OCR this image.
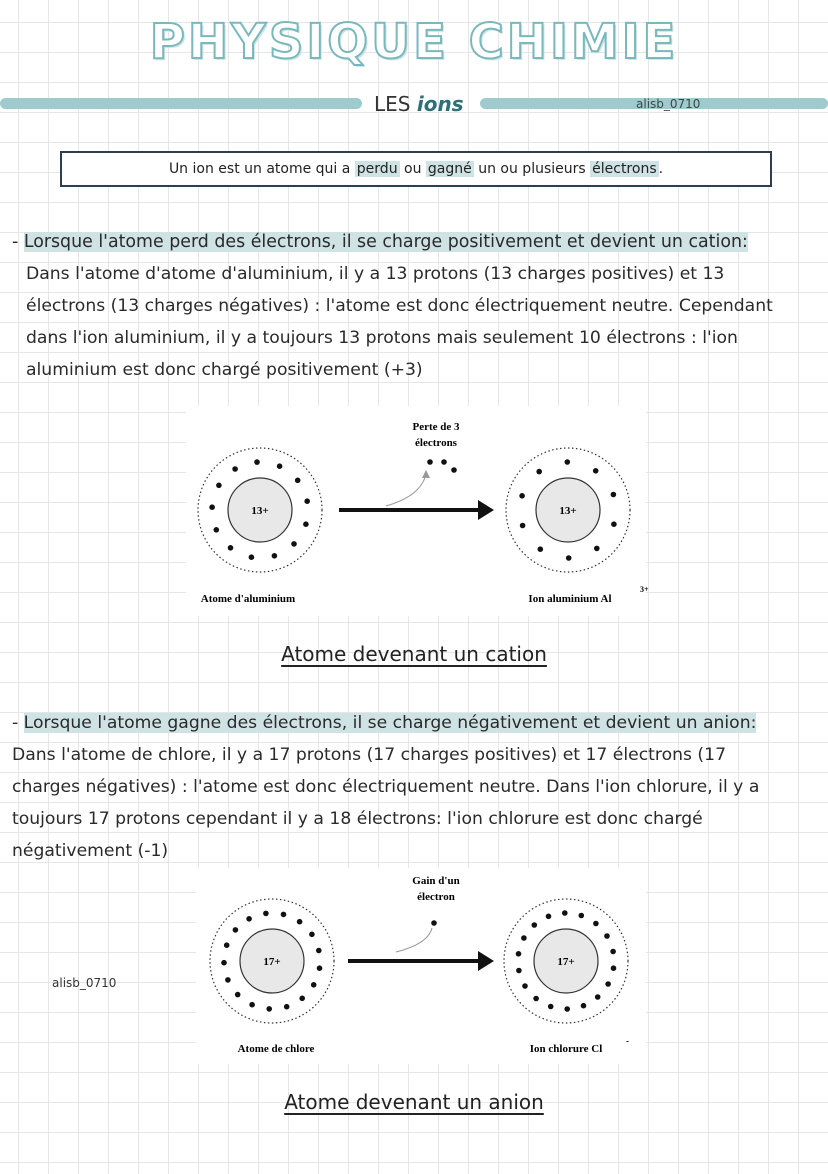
PHYSIQUE CHIMIE
LES ions	alisb_0710
Un ion est un atome qui a perdu ou gagné un ou plusieurs électrons .
- Lorsque l'atome perd des électrons, il se charge positivement et devient un cation:
Dans l'atome d'atome d'aluminium, il y a 13 protons (13 charges positives) et 13
électrons (13 charges négatives) : l'atome est donc électriquement neutre. Cependant
dans l'ion aluminium, il y a toujours 13 protons mais seulement 10 électrons : l'ion
aluminium est donc chargé positivement (+3)
Perte de 3
électrons
13+	13+
Atome d'aluminium	Ion aluminium Al
3+
Atome devenant un cation
- Lorsque l'atome gagne des électrons, il se charge négativement et devient un anion:
Dans l'atome de chlore, il y a 17 protons (17 charges positives) et 17 électrons (17
charges négatives) : l'atome est donc électriquement neutre. Dans l'ion chlorure, il y a
toujours 17 protons cependant il y a 18 électrons: l'ion chlorure est donc chargé
négativement (-1)
alisb_0710
Gain d'un
électron
17+	17+
Atome de chlore	Ion chlorure Cl
-
Atome devenant un anion
